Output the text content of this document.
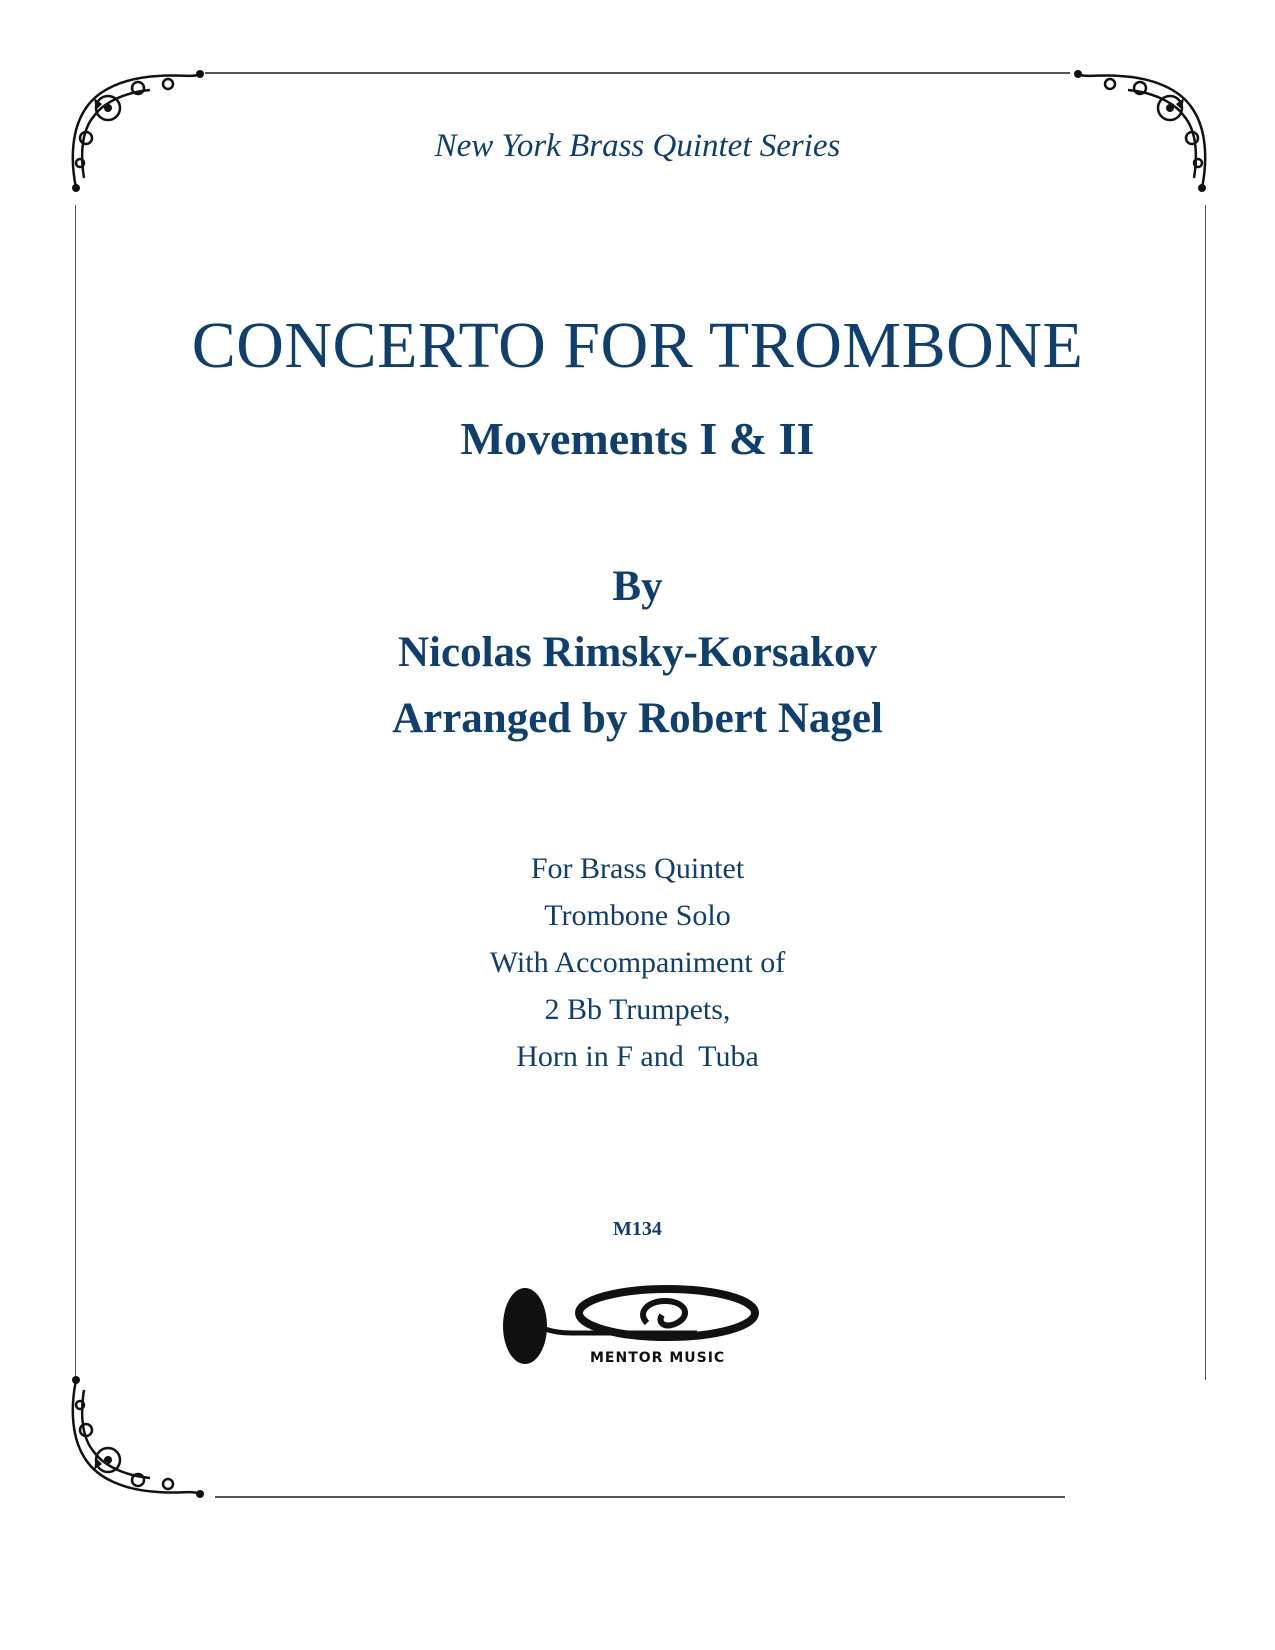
New York Brass Quintet Series
CONCERTO FOR TROMBONE
Movements I & II
By
Nicolas Rimsky-Korsakov
Arranged by Robert Nagel
For Brass Quintet
Trombone Solo
With Accompaniment of
2 Bb Trumpets,
Horn in F and  Tuba
M134
MENTOR MUSIC
